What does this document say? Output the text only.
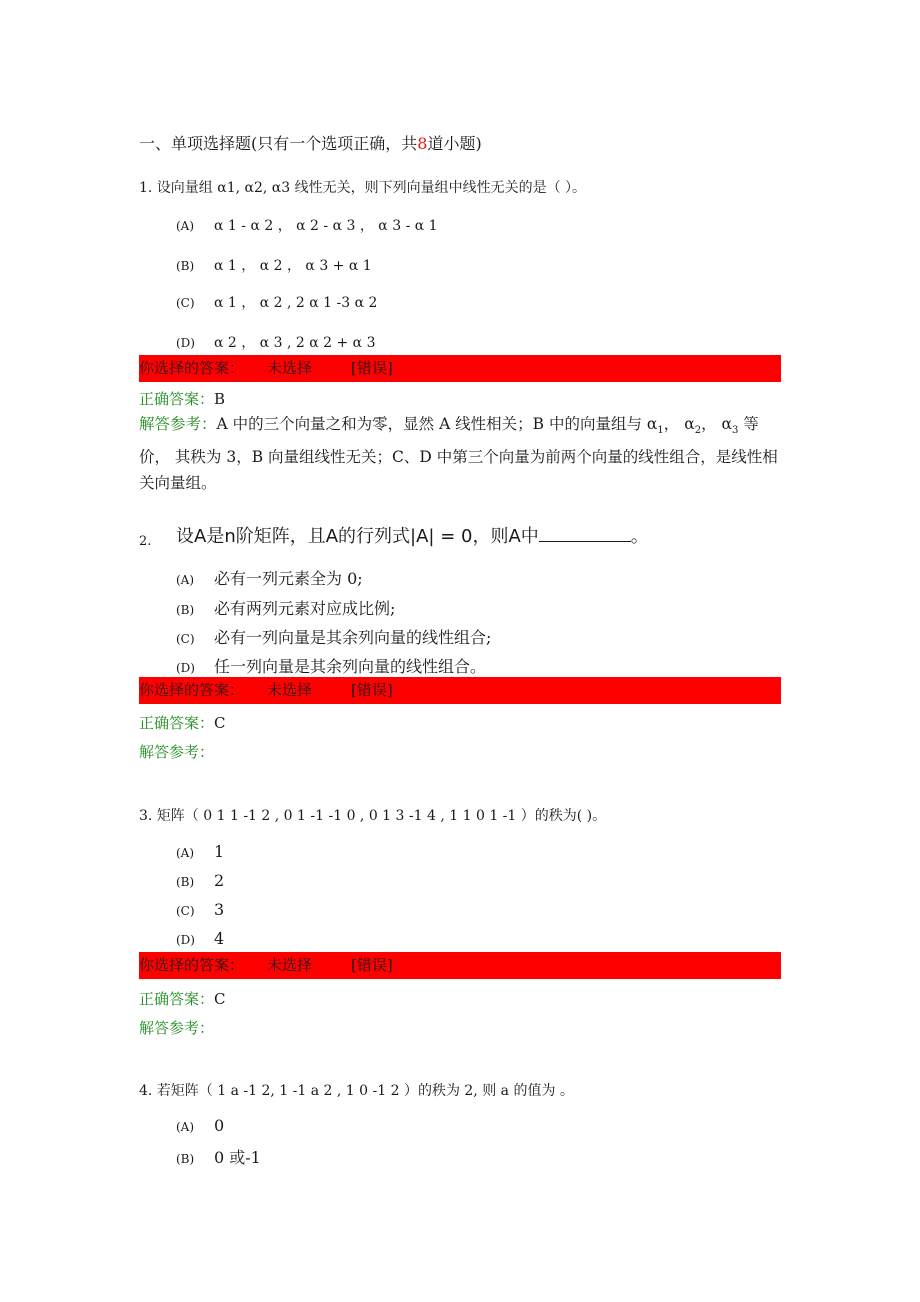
一、单项选择题(只有一个选项正确，共8道小题)
1. 设向量组 α1, α2, α3 线性无关，则下列向量组中线性无关的是（ ）。
(A) α 1 - α 2 ， α 2 - α 3 ， α 3 - α 1
(B) α 1 ， α 2 ， α 3 + α 1
(C) α 1 ， α 2 , 2 α 1 -3 α 2
(D) α 2 ， α 3 , 2 α 2 + α 3
你选择的答案： 未选择	[错误]
正确答案：B
解答参考：A 中的三个向量之和为零，显然 A 线性相关；B 中的向量组与 $\alpha_1$， $\alpha_2$， $\alpha_3$ 等价， 其秩为 3，B 向量组线性无关；C、D 中第三个向量为前两个向量的线性组合，是线性相关向量组。
2. 设A是n阶矩阵，且A的行列式|A| = 0，则A中	。
(A) 必有一列元素全为 0;
(B) 必有两列元素对应成比例;
(C) 必有一列向量是其余列向量的线性组合;
(D) 任一列向量是其余列向量的线性组合。
你选择的答案： 未选择	[错误]
正确答案：C
解答参考：
3. 矩阵（ 0 1 1 -1 2 , 0 1 -1 -1 0 , 0 1 3 -1 4 , 1 1 0 1 -1 ）的秩为( )。
(A) 1
(B) 2
(C) 3
(D) 4
你选择的答案： 未选择	[错误]
正确答案：C
解答参考：
4. 若矩阵（ 1 a -1 2, 1 -1 a 2 , 1 0 -1 2 ）的秩为 2, 则 a 的值为 。
(A) 0
(B) 0 或-1
